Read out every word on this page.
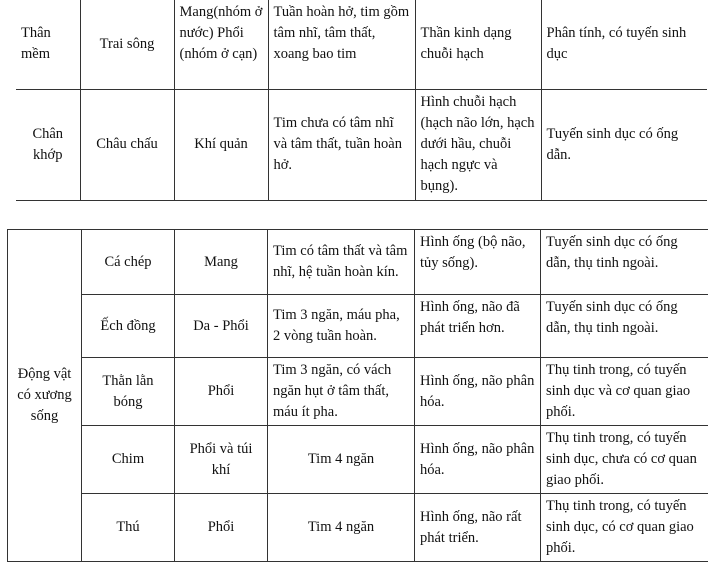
Thân mềm	Trai sông	Mang(nhóm ở nước) Phổi (nhóm ở cạn)	Tuần hoàn hở, tim gồm tâm nhĩ, tâm thất, xoang bao tim	Thần kinh dạng chuỗi hạch	Phân tính, có tuyến sinh dục
Chân khớp	Châu chấu	Khí quản	Tim chưa có tâm nhĩ và tâm thất, tuần hoàn hở.	Hình chuỗi hạch (hạch não lớn, hạch dưới hầu, chuỗi hạch ngực và bụng).	Tuyến sinh dục có ống dẫn.
Động vật có xương sống	Cá chép	Mang	Tim có tâm thất và tâm nhĩ, hệ tuần hoàn kín.	Hình ống (bộ não, tủy sống).	Tuyến sinh dục có ống dẫn, thụ tinh ngoài.
	Ếch đồng	Da - Phổi	Tim 3 ngăn, máu pha, 2 vòng tuần hoàn.	Hình ống, não đã phát triển hơn.	Tuyến sinh dục có ống dẫn, thụ tinh ngoài.
	Thằn lằn bóng	Phổi	Tim 3 ngăn, có vách ngăn hụt ở tâm thất, máu ít pha.	Hình ống, não phân hóa.	Thụ tinh trong, có tuyến sinh dục và cơ quan giao phối.
	Chim	Phổi và túi khí	Tim 4 ngăn	Hình ống, não phân hóa.	Thụ tinh trong, có tuyến sinh dục, chưa có cơ quan giao phối.
	Thú	Phổi	Tim 4 ngăn	Hình ống, não rất phát triển.	Thụ tinh trong, có tuyến sinh dục, có cơ quan giao phối.
